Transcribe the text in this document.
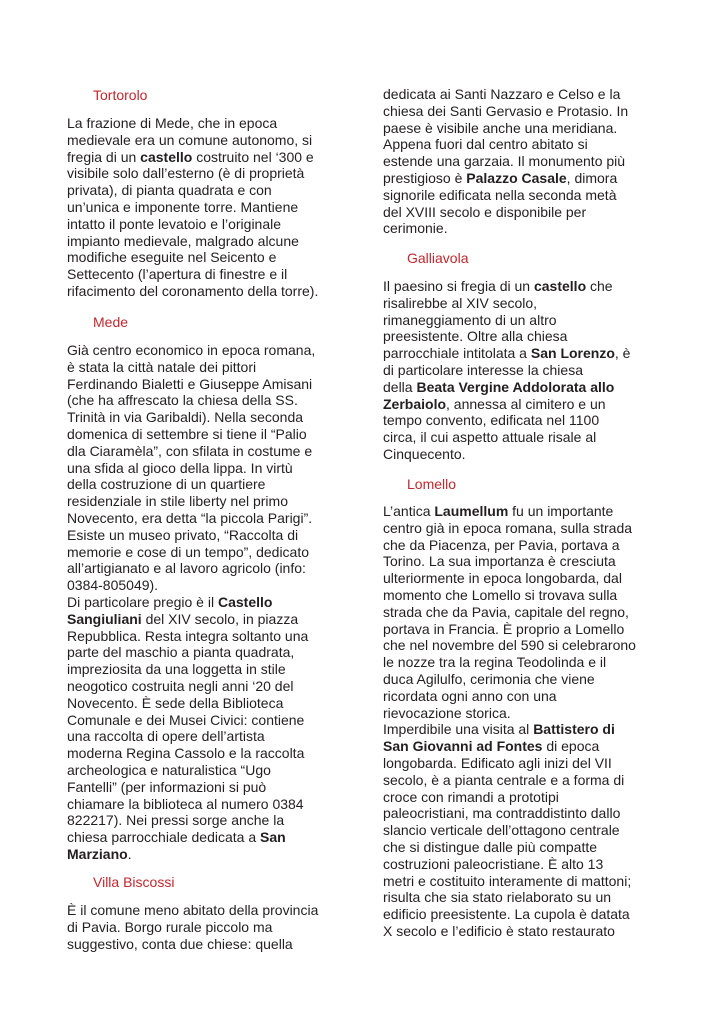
Tortorolo
La frazione di Mede, che in epoca
medievale era un comune autonomo, si
fregia di un castello costruito nel ‘300 e
visibile solo dall’esterno (è di proprietà
privata), di pianta quadrata e con
un’unica e imponente torre. Mantiene
intatto il ponte levatoio e l’originale
impianto medievale, malgrado alcune
modifiche eseguite nel Seicento e
Settecento (l’apertura di finestre e il
rifacimento del coronamento della torre).
Mede
Già centro economico in epoca romana,
è stata la città natale dei pittori
Ferdinando Bialetti e Giuseppe Amisani
(che ha affrescato la chiesa della SS.
Trinità in via Garibaldi). Nella seconda
domenica di settembre si tiene il “Palio
dla Ciaramèla”, con sfilata in costume e
una sfida al gioco della lippa. In virtù
della costruzione di un quartiere
residenziale in stile liberty nel primo
Novecento, era detta “la piccola Parigi”.
Esiste un museo privato, “Raccolta di
memorie e cose di un tempo”, dedicato
all’artigianato e al lavoro agricolo (info:
0384-805049).
Di particolare pregio è il Castello
Sangiuliani del XIV secolo, in piazza
Repubblica. Resta integra soltanto una
parte del maschio a pianta quadrata,
impreziosita da una loggetta in stile
neogotico costruita negli anni ‘20 del
Novecento. È sede della Biblioteca
Comunale e dei Musei Civici: contiene
una raccolta di opere dell’artista
moderna Regina Cassolo e la raccolta
archeologica e naturalistica “Ugo
Fantelli” (per informazioni si può
chiamare la biblioteca al numero 0384
822217). Nei pressi sorge anche la
chiesa parrocchiale dedicata a San
Marziano.
Villa Biscossi
È il comune meno abitato della provincia
di Pavia. Borgo rurale piccolo ma
suggestivo, conta due chiese: quella
dedicata ai Santi Nazzaro e Celso e la
chiesa dei Santi Gervasio e Protasio. In
paese è visibile anche una meridiana.
Appena fuori dal centro abitato si
estende una garzaia. Il monumento più
prestigioso è Palazzo Casale, dimora
signorile edificata nella seconda metà
del XVIII secolo e disponibile per
cerimonie.
Galliavola
Il paesino si fregia di un castello che
risalirebbe al XIV secolo,
rimaneggiamento di un altro
preesistente. Oltre alla chiesa
parrocchiale intitolata a San Lorenzo, è
di particolare interesse la chiesa
della Beata Vergine Addolorata allo
Zerbaiolo, annessa al cimitero e un
tempo convento, edificata nel 1100
circa, il cui aspetto attuale risale al
Cinquecento.
Lomello
L’antica Laumellum fu un importante
centro già in epoca romana, sulla strada
che da Piacenza, per Pavia, portava a
Torino. La sua importanza è cresciuta
ulteriormente in epoca longobarda, dal
momento che Lomello si trovava sulla
strada che da Pavia, capitale del regno,
portava in Francia. È proprio a Lomello
che nel novembre del 590 si celebrarono
le nozze tra la regina Teodolinda e il
duca Agilulfo, cerimonia che viene
ricordata ogni anno con una
rievocazione storica.
Imperdibile una visita al Battistero di
San Giovanni ad Fontes di epoca
longobarda. Edificato agli inizi del VII
secolo, è a pianta centrale e a forma di
croce con rimandi a prototipi
paleocristiani, ma contraddistinto dallo
slancio verticale dell’ottagono centrale
che si distingue dalle più compatte
costruzioni paleocristiane. È alto 13
metri e costituito interamente di mattoni;
risulta che sia stato rielaborato su un
edificio preesistente. La cupola è datata
X secolo e l’edificio è stato restaurato
